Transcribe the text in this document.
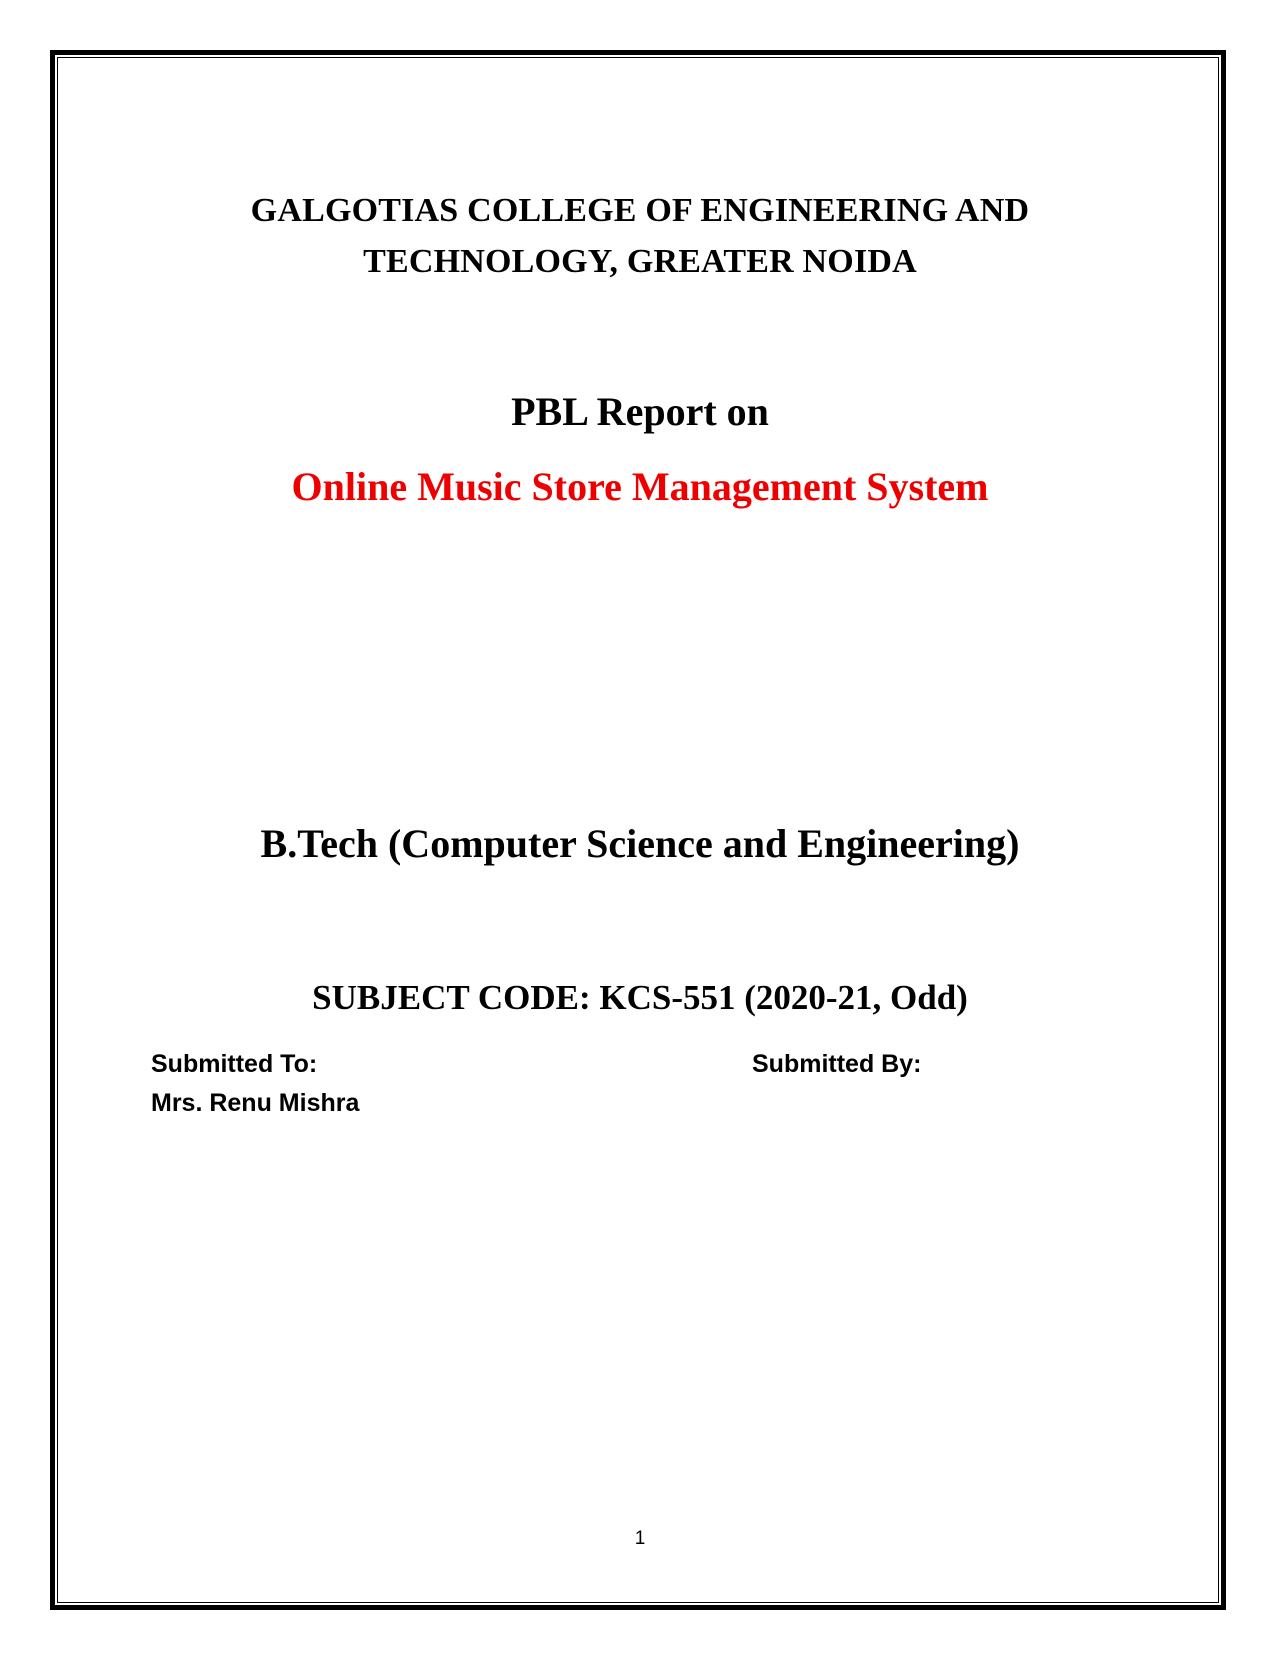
GALGOTIAS COLLEGE OF ENGINEERING AND
TECHNOLOGY, GREATER NOIDA
PBL Report on
Online Music Store Management System
B.Tech (Computer Science and Engineering)
SUBJECT CODE: KCS-551 (2020-21, Odd)
Submitted To:
Mrs. Renu Mishra
Submitted By:
1
